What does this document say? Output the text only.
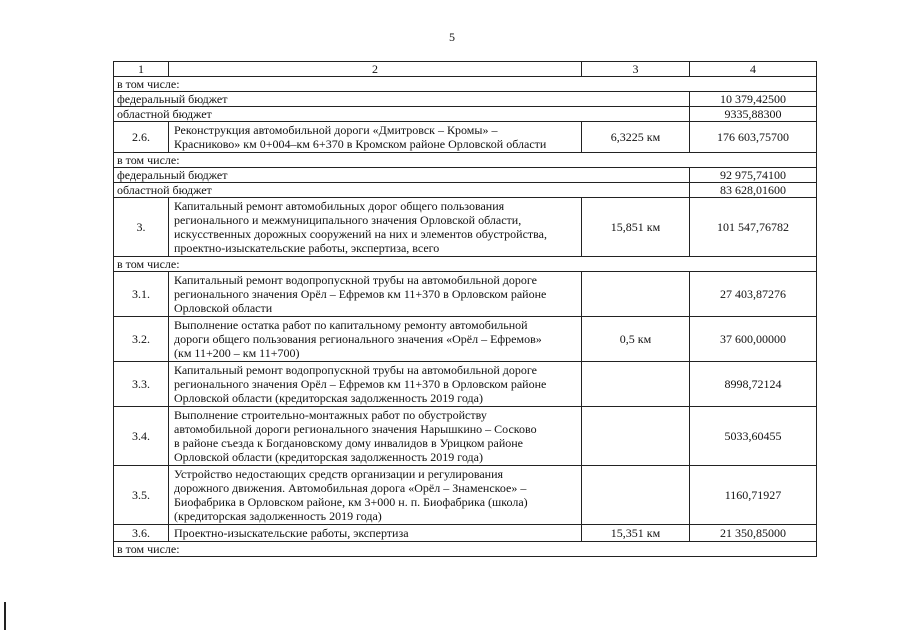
5
1	2	3	4
в том числе:			
федеральный бюджет			10 379,42500
областной бюджет			9335,88300
2.6.	Реконструкция автомобильной дороги «Дмитровск – Кромы» –
Красниково» км 0+004–км 6+370 в Кромском районе Орловской области	6,3225 км	176 603,75700
в том числе:			
федеральный бюджет			92 975,74100
областной бюджет			83 628,01600
3.	Капитальный ремонт автомобильных дорог общего пользования
регионального и межмуниципального значения Орловской области,
искусственных дорожных сооружений на них и элементов обустройства,
проектно-изыскательские работы, экспертиза, всего	15,851 км	101 547,76782
в том числе:			
3.1.	Капитальный ремонт водопропускной трубы на автомобильной дороге
регионального значения Орёл – Ефремов км 11+370 в Орловском районе
Орловской области		27 403,87276
3.2.	Выполнение остатка работ по капитальному ремонту автомобильной
дороги общего пользования регионального значения «Орёл – Ефремов»
(км 11+200 – км 11+700)	0,5 км	37 600,00000
3.3.	Капитальный ремонт водопропускной трубы на автомобильной дороге
регионального значения Орёл – Ефремов км 11+370 в Орловском районе
Орловской области (кредиторская задолженность 2019 года)		8998,72124
3.4.	Выполнение строительно-монтажных работ по обустройству
автомобильной дороги регионального значения Нарышкино – Сосково
в районе съезда к Богдановскому дому инвалидов в Урицком районе
Орловской области (кредиторская задолженность 2019 года)		5033,60455
3.5.	Устройство недостающих средств организации и регулирования
дорожного движения. Автомобильная дорога «Орёл – Знаменское» –
Биофабрика в Орловском районе, км 3+000 н. п. Биофабрика (школа)
(кредиторская задолженность 2019 года)		1160,71927
3.6.	Проектно-изыскательские работы, экспертиза	15,351 км	21 350,85000
в том числе:			
